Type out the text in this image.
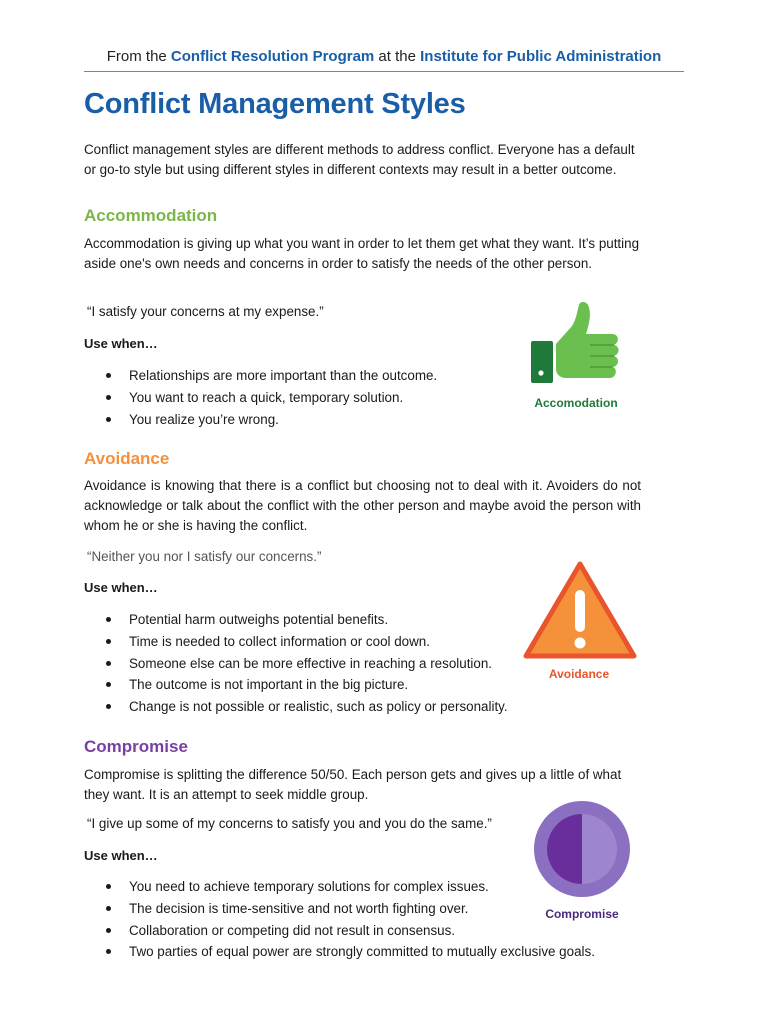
From the Conflict Resolution Program at the Institute for Public Administration
Conflict Management Styles

Conflict management styles are different methods to address conflict. Everyone has a default or go-to style but using different styles in different contexts may result in a better outcome.

Accommodation

Accommodation is giving up what you want in order to let them get what they want. It’s putting aside one's own needs and concerns in order to satisfy the needs of the other person.

“I satisfy your concerns at my expense.”

Use when…

Relationships are more important than the outcome.
You want to reach a quick, temporary solution.
You realize you’re wrong.
Accomodation
Avoidance

Avoidance is knowing that there is a conflict but choosing not to deal with it. Avoiders do not acknowledge or talk about the conflict with the other person and maybe avoid the person with whom he or she is having the conflict.

“Neither you nor I satisfy our concerns.”

Use when…

Potential harm outweighs potential benefits.
Time is needed to collect information or cool down.
Someone else can be more effective in reaching a resolution.
The outcome is not important in the big picture.
Change is not possible or realistic, such as policy or personality.
Avoidance
Compromise

Compromise is splitting the difference 50/50. Each person gets and gives up a little of what they want. It is an attempt to seek middle group.

“I give up some of my concerns to satisfy you and you do the same.”

Use when…

You need to achieve temporary solutions for complex issues.
The decision is time-sensitive and not worth fighting over.
Collaboration or competing did not result in consensus.
Two parties of equal power are strongly committed to mutually exclusive goals.
Compromise
